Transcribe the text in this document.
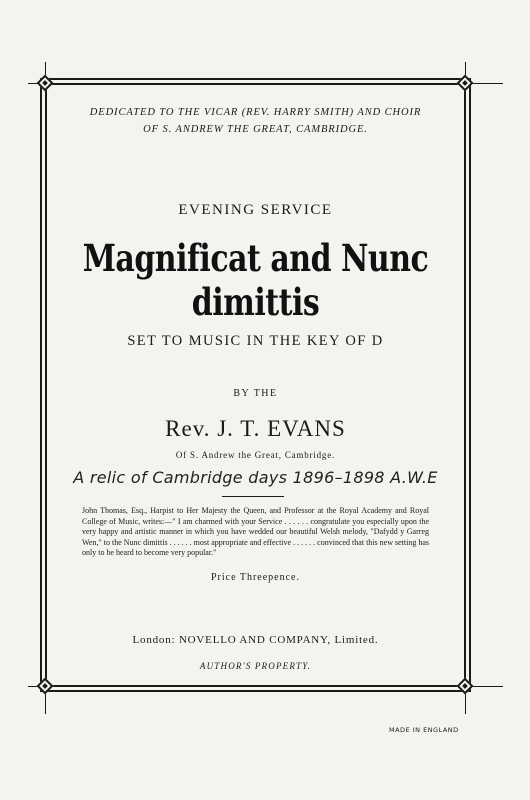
DEDICATED TO THE VICAR (REV. HARRY SMITH) AND CHOIR
OF S. ANDREW THE GREAT, CAMBRIDGE.

EVENING SERVICE

Magnificat and Nunc dimittis

SET TO MUSIC IN THE KEY OF D

BY THE

Rev. J. T. EVANS

Of S. Andrew the Great, Cambridge.

A relic of Cambridge days 1896–1898 A.W.E

John Thomas, Esq., Harpist to Her Majesty the Queen, and Professor at the Royal Academy and Royal College of Music, writes:—" I am charmed with your Service . . . . . . congratulate you especially upon the very happy and artistic manner in which you have wedded our beautiful Welsh melody, "Dafydd y Garreg Wen," to the Nunc dimittis . . . . . . most appropriate and effective . . . . . . convinced that this new setting has only to be heard to become very popular."

Price Threepence.

London: NOVELLO AND COMPANY, Limited.

AUTHOR'S PROPERTY.

MADE IN ENGLAND
